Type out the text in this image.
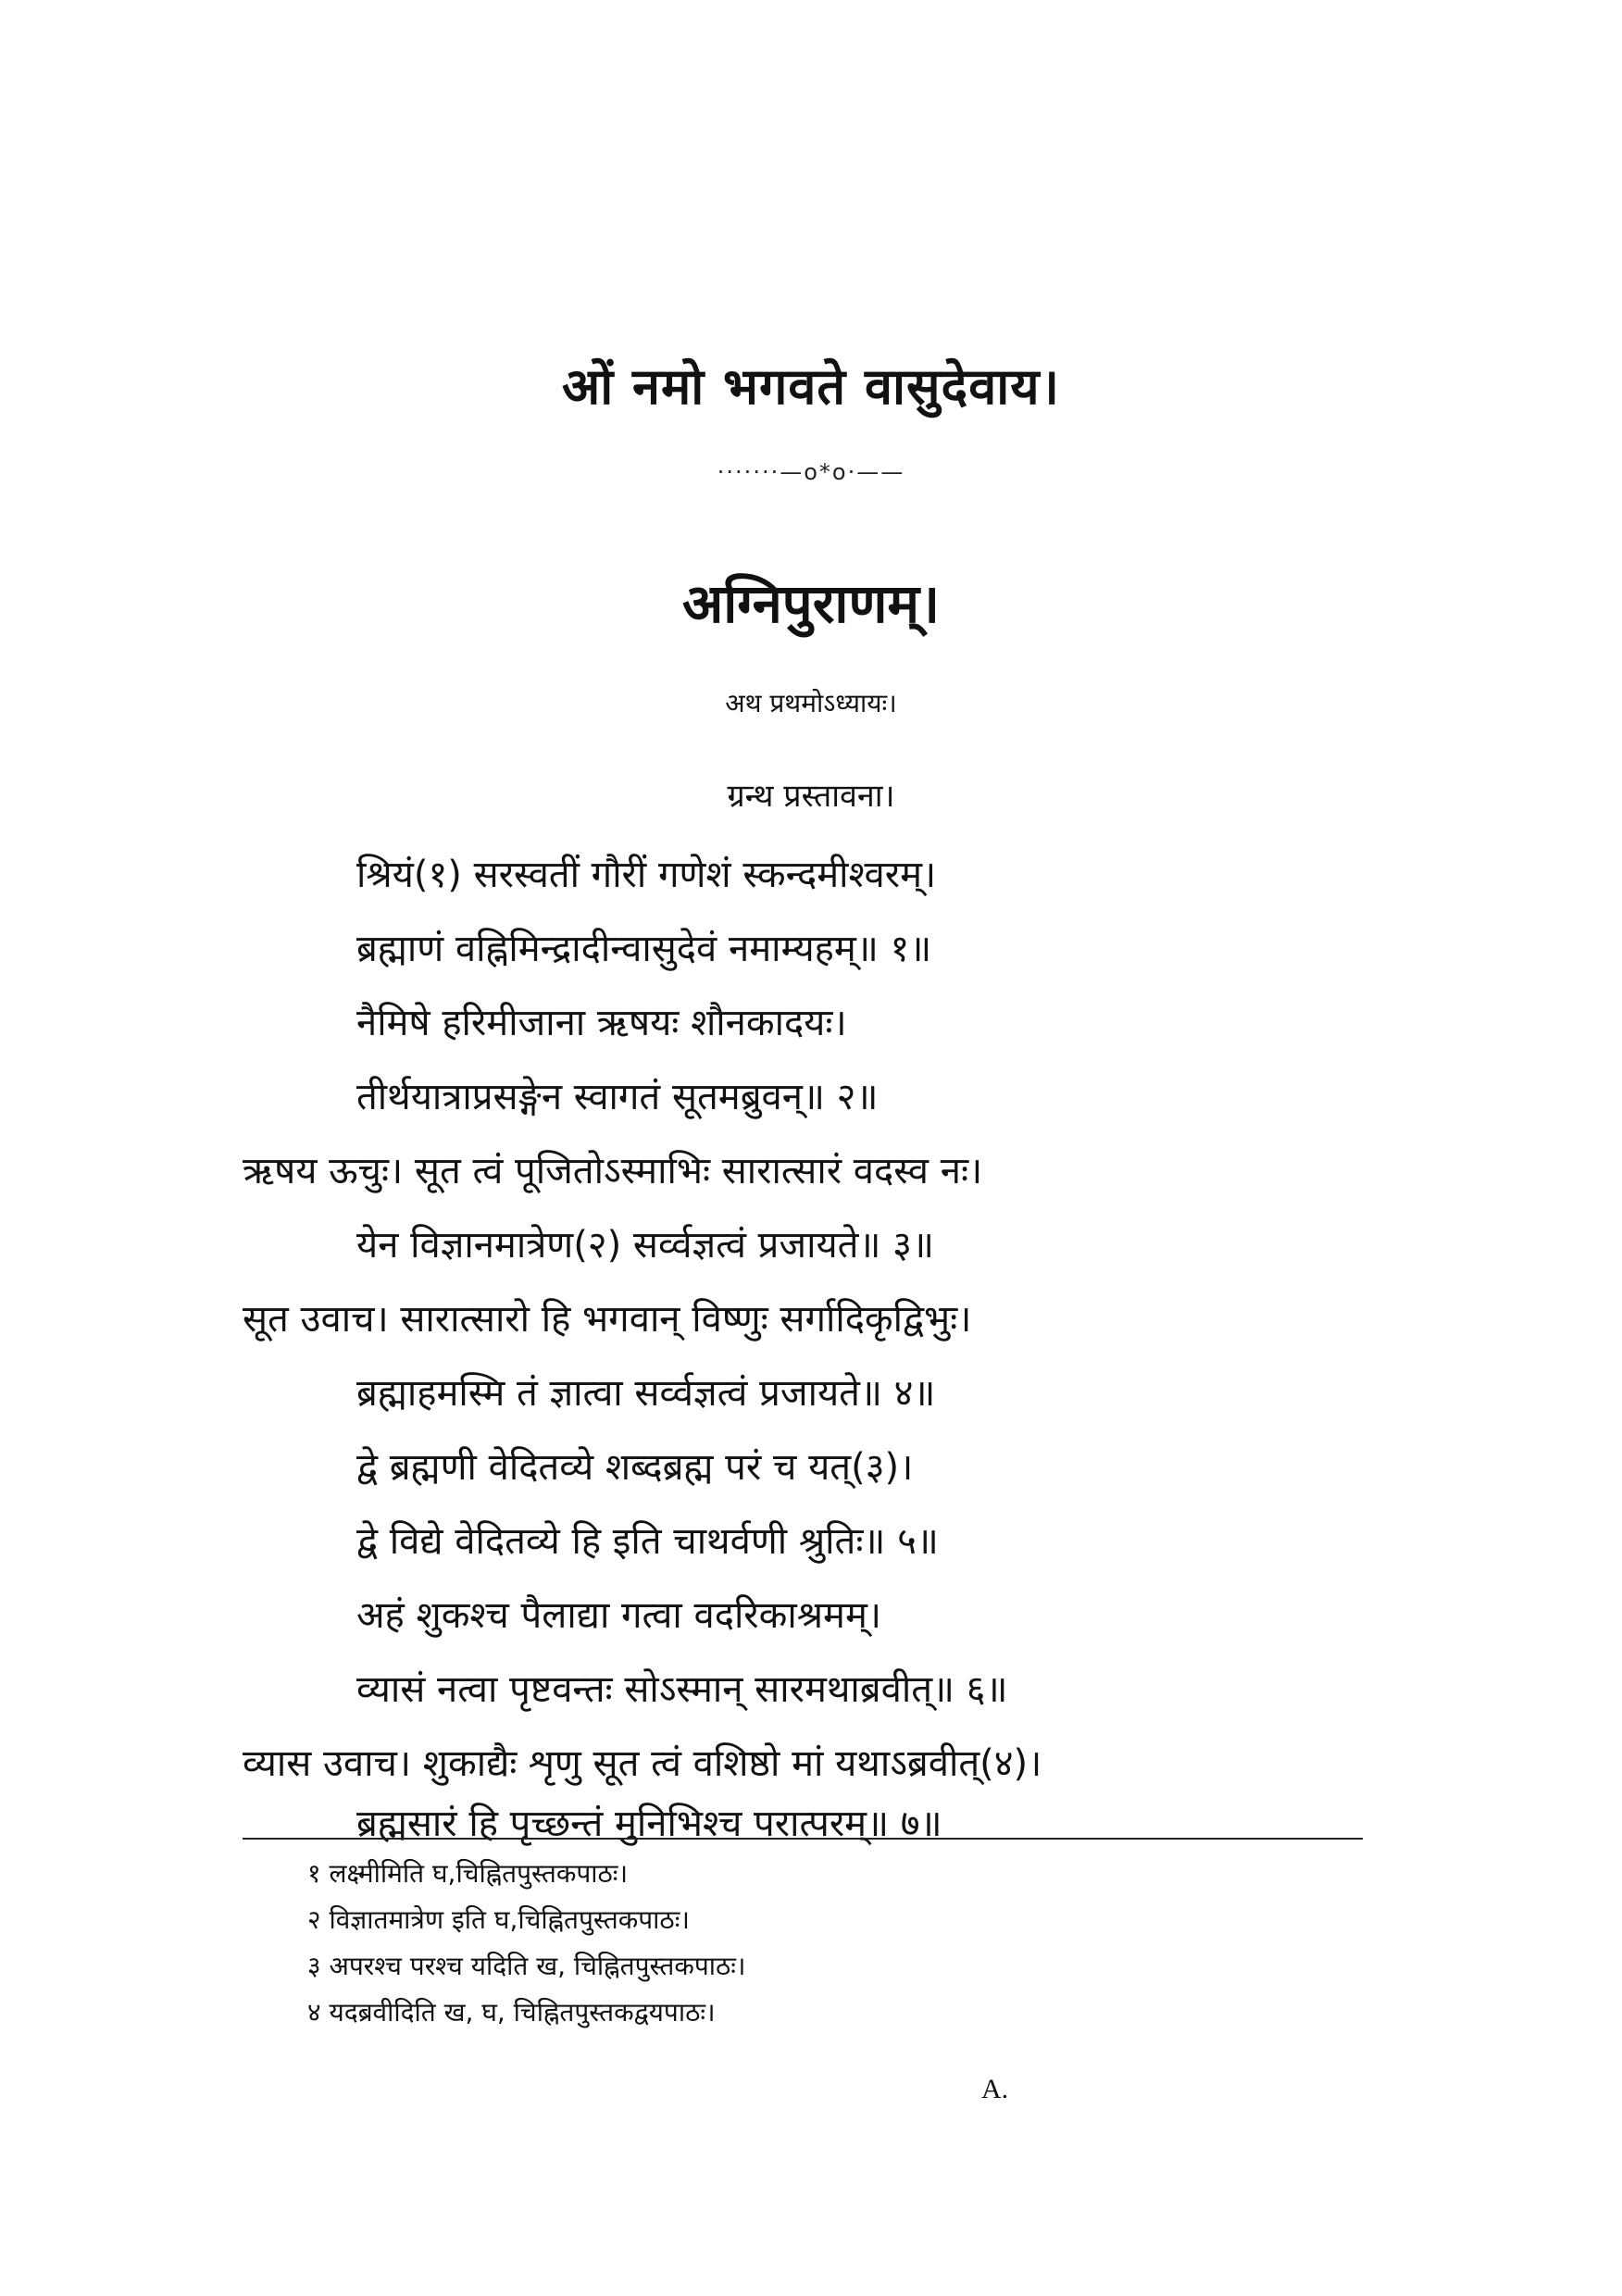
ओं नमो भगवते वासुदेवाय।
·······—o*o·——
अग्निपुराणम्।
अथ प्रथमोऽध्यायः।
ग्रन्थ प्रस्तावना।
श्रियं(१) सरस्वतीं गौरीं गणेशं स्कन्दमीश्वरम्।
ब्रह्माणं वह्निमिन्द्रादीन्वासुदेवं नमाम्यहम्॥ १॥
नैमिषे हरिमीजाना ऋषयः शौनकादयः।
तीर्थयात्राप्रसङ्गेन स्वागतं सूतमब्रुवन्॥ २॥
ऋषय ऊचुः। सूत त्वं पूजितोऽस्माभिः सारात्सारं वदस्व नः।
येन विज्ञानमात्रेण(२) सर्व्वज्ञत्वं प्रजायते॥ ३॥
सूत उवाच। सारात्सारो हि भगवान् विष्णुः सर्गादिकृद्विभुः।
ब्रह्माहमस्मि तं ज्ञात्वा सर्व्वज्ञत्वं प्रजायते॥ ४॥
द्वे ब्रह्मणी वेदितव्ये शब्दब्रह्म परं च यत्(३)।
द्वे विद्ये वेदितव्ये हि इति चाथर्वणी श्रुतिः॥ ५॥
अहं शुकश्च पैलाद्या गत्वा वदरिकाश्रमम्।
व्यासं नत्वा पृष्टवन्तः सोऽस्मान् सारमथाब्रवीत्॥ ६॥
व्यास उवाच। शुकाद्यैः शृणु सूत त्वं वशिष्ठो मां यथाऽब्रवीत्(४)।
ब्रह्मसारं हि पृच्छन्तं मुनिभिश्च परात्परम्॥ ७॥
१ लक्ष्मीमिति घ,चिह्नितपुस्तकपाठः।
२ विज्ञातमात्रेण इति घ,चिह्नितपुस्तकपाठः।
३ अपरश्च परश्च यदिति ख, चिह्नितपुस्तकपाठः।
४ यदब्रवीदिति ख, घ, चिह्नितपुस्तकद्वयपाठः।
A.
